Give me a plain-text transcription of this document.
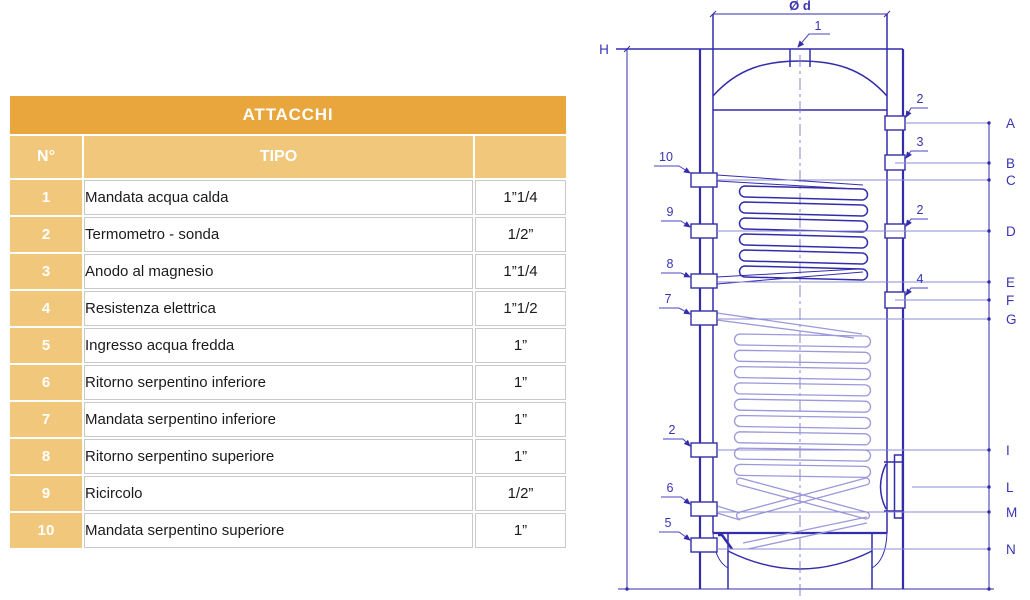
ATTACCHI		
N°	TIPO	
1	Mandata acqua calda	1”1/4
2	Termometro - sonda	1/2”
3	Anodo al magnesio	1”1/4
4	Resistenza elettrica	1”1/2
5	Ingresso acqua fredda	1”
6	Ritorno serpentino inferiore	1”
7	Mandata serpentino inferiore	1”
8	Ritorno serpentino superiore	1”
9	Ricircolo	1/2”
10	Mandata serpentino superiore	1”
Ø d
H
A
B
C
D
E
F
G
I
L
M
N
1
10
9
8
7
2
6
5
2
3
2
4
